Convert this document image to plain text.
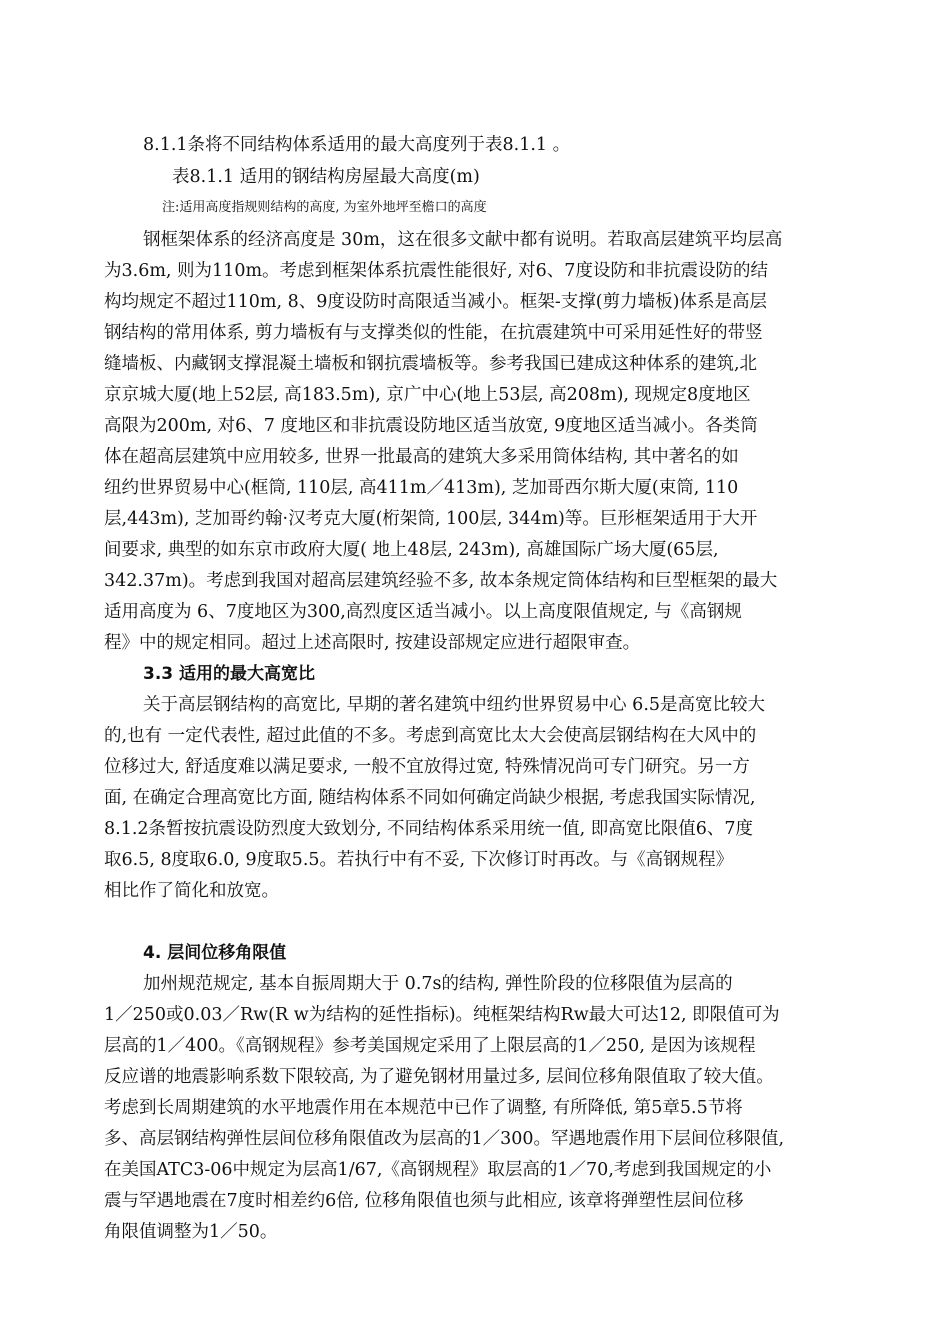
8.1.1条将不同结构体系适用的最大高度列于表8.1.1 。
表8.1.1 适用的钢结构房屋最大高度(m)
注:适用高度指规则结构的高度, 为室外地坪至檐口的高度
钢框架体系的经济高度是 30m，这在很多文献中都有说明。若取高层建筑平均层高
为3.6m, 则为110m。考虑到框架体系抗震性能很好, 对6、7度设防和非抗震设防的结
构均规定不超过110m, 8、9度设防时高限适当减小。框架-支撑(剪力墙板)体系是高层
钢结构的常用体系, 剪力墙板有与支撑类似的性能，在抗震建筑中可采用延性好的带竖
缝墙板、内藏钢支撑混凝土墙板和钢抗震墙板等。参考我国已建成这种体系的建筑,北
京京城大厦(地上52层, 高183.5m), 京广中心(地上53层, 高208m), 现规定8度地区
高限为200m, 对6、7 度地区和非抗震设防地区适当放宽, 9度地区适当减小。各类筒
体在超高层建筑中应用较多, 世界一批最高的建筑大多采用筒体结构, 其中著名的如
纽约世界贸易中心(框筒, 110层, 高411m／413m), 芝加哥西尔斯大厦(束筒, 110
层,443m), 芝加哥约翰·汉考克大厦(桁架筒, 100层, 344m)等。巨形框架适用于大开
间要求, 典型的如东京市政府大厦( 地上48层, 243m), 高雄国际广场大厦(65层,
342.37m)。考虑到我国对超高层建筑经验不多, 故本条规定筒体结构和巨型框架的最大
适用高度为 6、7度地区为300,高烈度区适当减小。以上高度限值规定, 与《高钢规
程》中的规定相同。超过上述高限时, 按建设部规定应进行超限审查。
3.3 适用的最大高宽比
关于高层钢结构的高宽比, 早期的著名建筑中纽约世界贸易中心 6.5是高宽比较大
的,也有 一定代表性, 超过此值的不多。考虑到高宽比太大会使高层钢结构在大风中的
位移过大, 舒适度难以满足要求, 一般不宜放得过宽, 特殊情况尚可专门研究。另一方
面, 在确定合理高宽比方面, 随结构体系不同如何确定尚缺少根据, 考虑我国实际情况,
8.1.2条暂按抗震设防烈度大致划分, 不同结构体系采用统一值, 即高宽比限值6、7度
取6.5, 8度取6.0, 9度取5.5。若执行中有不妥, 下次修订时再改。与《高钢规程》
相比作了简化和放宽。
4. 层间位移角限值
加州规范规定, 基本自振周期大于 0.7s的结构, 弹性阶段的位移限值为层高的
1／250或0.03／Rw(R w为结构的延性指标)。纯框架结构Rw最大可达12, 即限值可为
层高的1／400。《高钢规程》参考美国规定采用了上限层高的1／250, 是因为该规程
反应谱的地震影响系数下限较高, 为了避免钢材用量过多, 层间位移角限值取了较大值。
考虑到长周期建筑的水平地震作用在本规范中已作了调整, 有所降低, 第5章5.5节将
多、高层钢结构弹性层间位移角限值改为层高的1／300。罕遇地震作用下层间位移限值,
在美国ATC3-06中规定为层高1/67,《高钢规程》取层高的1／70,考虑到我国规定的小
震与罕遇地震在7度时相差约6倍, 位移角限值也须与此相应, 该章将弹塑性层间位移
角限值调整为1／50。
